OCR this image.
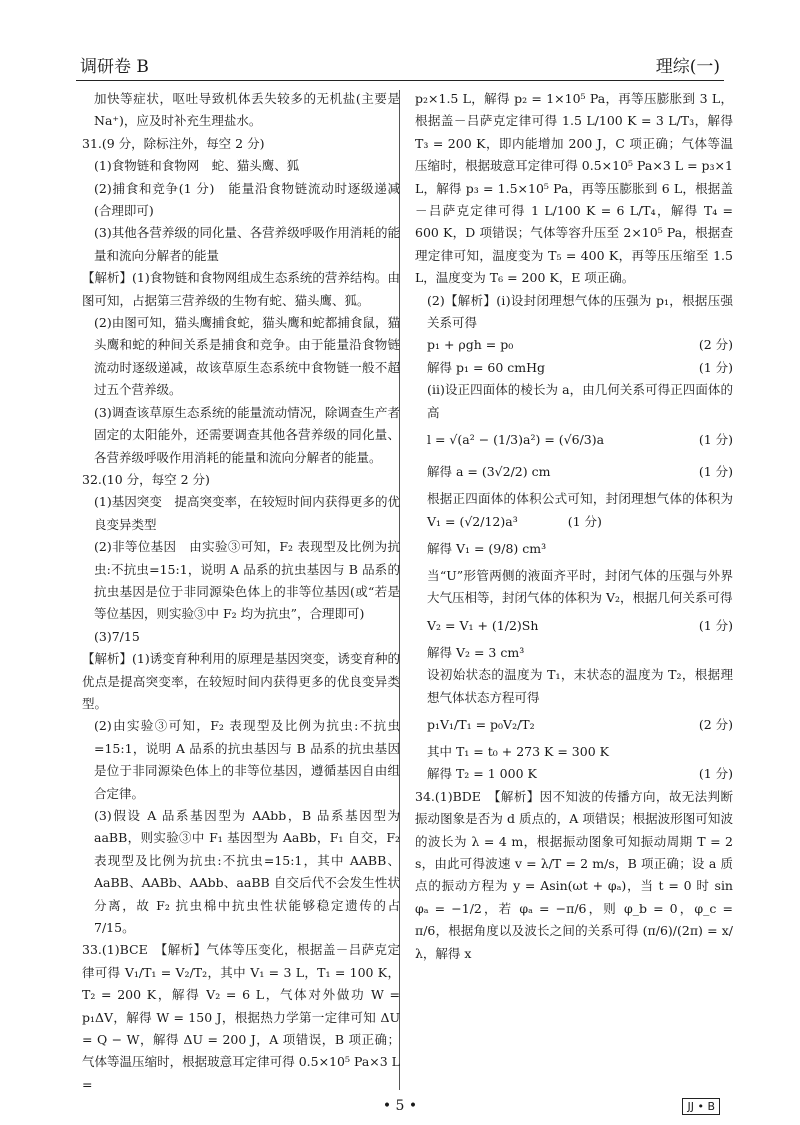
调研卷 B	理综(一)

加快等症状，呕吐导致机体丢失较多的无机盐(主要是 Na⁺)，应及时补充生理盐水。

31.(9 分，除标注外，每空 2 分)

(1)食物链和食物网　蛇、猫头鹰、狐

(2)捕食和竞争(1 分)　能量沿食物链流动时逐级递减(合理即可)

(3)其他各营养级的同化量、各营养级呼吸作用消耗的能量和流向分解者的能量

【解析】(1)食物链和食物网组成生态系统的营养结构。由图可知，占据第三营养级的生物有蛇、猫头鹰、狐。

(2)由图可知，猫头鹰捕食蛇，猫头鹰和蛇都捕食鼠，猫头鹰和蛇的种间关系是捕食和竞争。由于能量沿食物链流动时逐级递减，故该草原生态系统中食物链一般不超过五个营养级。

(3)调查该草原生态系统的能量流动情况，除调查生产者固定的太阳能外，还需要调查其他各营养级的同化量、各营养级呼吸作用消耗的能量和流向分解者的能量。

32.(10 分，每空 2 分)

(1)基因突变　提高突变率，在较短时间内获得更多的优良变异类型

(2)非等位基因　由实验③可知，F₂ 表现型及比例为抗虫:不抗虫=15:1，说明 A 品系的抗虫基因与 B 品系的抗虫基因是位于非同源染色体上的非等位基因(或“若是等位基因，则实验③中 F₂ 均为抗虫”，合理即可)

(3)7/15

【解析】(1)诱变育种利用的原理是基因突变，诱变育种的优点是提高突变率，在较短时间内获得更多的优良变异类型。

(2)由实验③可知，F₂ 表现型及比例为抗虫:不抗虫=15:1，说明 A 品系的抗虫基因与 B 品系的抗虫基因是位于非同源染色体上的非等位基因，遵循基因自由组合定律。

(3)假设 A 品系基因型为 AAbb，B 品系基因型为 aaBB，则实验③中 F₁ 基因型为 AaBb，F₁ 自交，F₂ 表现型及比例为抗虫:不抗虫=15:1，其中 AABB、AaBB、AABb、AAbb、aaBB 自交后代不会发生性状分离，故 F₂ 抗虫棉中抗虫性状能够稳定遗传的占 7/15。

33.(1)BCE　【解析】气体等压变化，根据盖－吕萨克定律可得 V₁/T₁ = V₂/T₂，其中 V₁ = 3 L，T₁ = 100 K，T₂ = 200 K，解得 V₂ = 6 L，气体对外做功 W = p₁ΔV，解得 W = 150 J，根据热力学第一定律可知 ΔU = Q − W，解得 ΔU = 200 J，A 项错误，B 项正确；气体等温压缩时，根据玻意耳定律可得 0.5×10⁵ Pa×3 L =

p₂×1.5 L，解得 p₂ = 1×10⁵ Pa，再等压膨胀到 3 L，根据盖－吕萨克定律可得 1.5 L/100 K = 3 L/T₃，解得 T₃ = 200 K，即内能增加 200 J，C 项正确；气体等温压缩时，根据玻意耳定律可得 0.5×10⁵ Pa×3 L = p₃×1 L，解得 p₃ = 1.5×10⁵ Pa，再等压膨胀到 6 L，根据盖－吕萨克定律可得 1 L/100 K = 6 L/T₄，解得 T₄ = 600 K，D 项错误；气体等容升压至 2×10⁵ Pa，根据查理定律可知，温度变为 T₅ = 400 K，再等压压缩至 1.5 L，温度变为 T₆ = 200 K，E 项正确。

(2)【解析】(ⅰ)设封闭理想气体的压强为 p₁，根据压强关系可得

p₁ + ρgh = p₀	(2 分)
解得 p₁ = 60 cmHg	(1 分)

(ⅱ)设正四面体的棱长为 a，由几何关系可得正四面体的高

l = √(a² − (1/3)a²) = (√6/3)a	(1 分)
解得 a = (3√2/2) cm	(1 分)

根据正四面体的体积公式可知，封闭理想气体的体积为 V₁ = (√2/12)a³　　　　(1 分)

解得 V₁ = (9/8) cm³

当“U”形管两侧的液面齐平时，封闭气体的压强与外界大气压相等，封闭气体的体积为 V₂，根据几何关系可得

V₂ = V₁ + (1/2)Sh	(1 分)
解得 V₂ = 3 cm³

设初始状态的温度为 T₁，末状态的温度为 T₂，根据理想气体状态方程可得

p₁V₁/T₁ = p₀V₂/T₂	(2 分)
其中 T₁ = t₀ + 273 K = 300 K
解得 T₂ = 1 000 K	(1 分)

34.(1)BDE　【解析】因不知波的传播方向，故无法判断振动图象是否为 d 质点的，A 项错误；根据波形图可知波的波长为 λ = 4 m，根据振动图象可知振动周期 T = 2 s，由此可得波速 v = λ/T = 2 m/s，B 项正确；设 a 质点的振动方程为 y = Asin(ωt + φₐ)，当 t = 0 时 sin φₐ = −1/2，若 φₐ = −π/6，则 φ_b = 0，φ_c = π/6，根据角度以及波长之间的关系可得 (π/6)/(2π) = x/λ，解得 x

• 5 •	JJ • B
